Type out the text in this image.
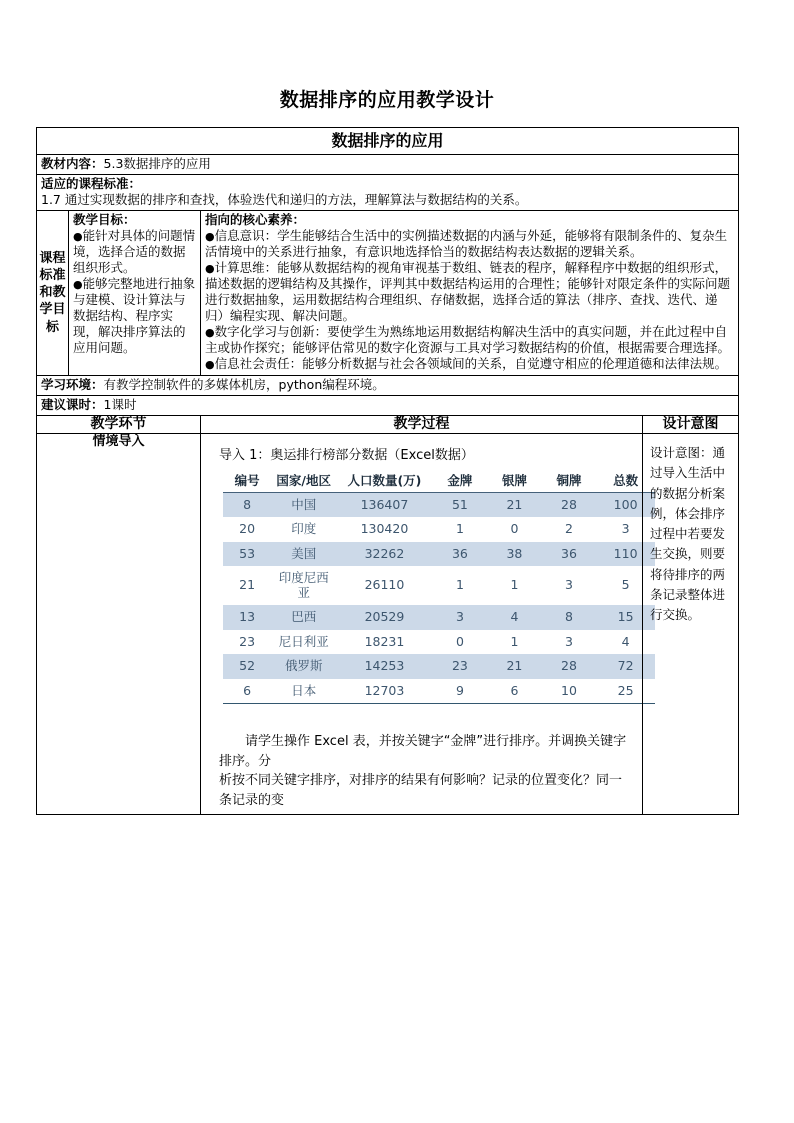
数据排序的应用教学设计
数据排序的应用

教材内容：5.3数据排序的应用

适应的课程标准：
1.7 通过实现数据的排序和查找，体验迭代和递归的方法，理解算法与数据结构的关系。

课程标准和教学目标

教学目标：
● 能针对具体的问题情境，选择合适的数据组织形式。
● 能够完整地进行抽象与建模、设计算法与数据结构、程序实现，解决排序算法的应用问题。

指向的核心素养：
● 信息意识：学生能够结合生活中的实例描述数据的内涵与外延，能够将有限制条件的、复杂生活情境中的关系进行抽象，有意识地选择恰当的数据结构表达数据的逻辑关系。
● 计算思维：能够从数据结构的视角审视基于数组、链表的程序，解释程序中数据的组织形式，描述数据的逻辑结构及其操作，评判其中数据结构运用的合理性；能够针对限定条件的实际问题进行数据抽象，运用数据结构合理组织、存储数据，选择合适的算法（排序、查找、迭代、递归）编程实现、解决问题。
● 数字化学习与创新：要使学生为熟练地运用数据结构解决生活中的真实问题，并在此过程中自主或协作探究；能够评估常见的数字化资源与工具对学习数据结构的价值，根据需要合理选择。
● 信息社会责任：能够分析数据与社会各领域间的关系，自觉遵守相应的伦理道德和法律法规。

学习环境：有教学控制软件的多媒体机房，python编程环境。

建议课时：1课时

教学环节	教学过程	设计意图
情境导入	

导入 1：奥运排行榜部分数据（Excel数据）

编号	国家/地区	人口数量(万)	金牌	银牌	铜牌	总数
8	中国	136407	51	21	28	100
20	印度	130420	1	0	2	3
53	美国	32262	36	38	36	110
21	印度尼西亚	26110	1	1	3	5
13	巴西	20529	3	4	8	15
23	尼日利亚	18231	0	1	3	4
52	俄罗斯	14253	23	21	28	72
6	日本	12703	9	6	10	25

请学生操作 Excel 表，并按关键字“金牌”进行排序。并调换关键字排序。分
析按不同关键字排序，对排序的结果有何影响？记录的位置变化？同一条记录的变

设计意图：通过导入生活中的数据分析案例，体会排序过程中若要发生交换，则要将待排序的两条记录整体进行交换。
